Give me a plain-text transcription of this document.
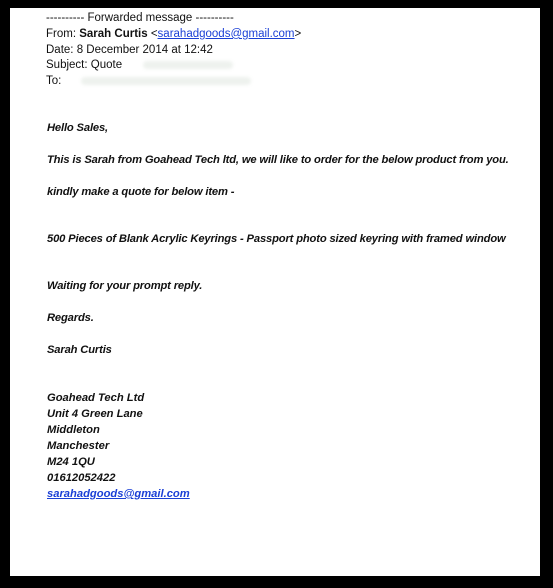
---------- Forwarded message ----------
From: Sarah Curtis <sarahadgoods@gmail.com>
Date: 8 December 2014 at 12:42
Subject: Quote
To:
Hello Sales,
This is Sarah from Goahead Tech ltd, we will like to order for the below product from you.
kindly make a quote for below item -
500 Pieces of Blank Acrylic Keyrings - Passport photo sized keyring with framed window
Waiting for your prompt reply.
Regards.
Sarah Curtis
Goahead Tech Ltd
Unit 4 Green Lane
Middleton
Manchester
M24 1QU
01612052422
sarahadgoods@gmail.com
